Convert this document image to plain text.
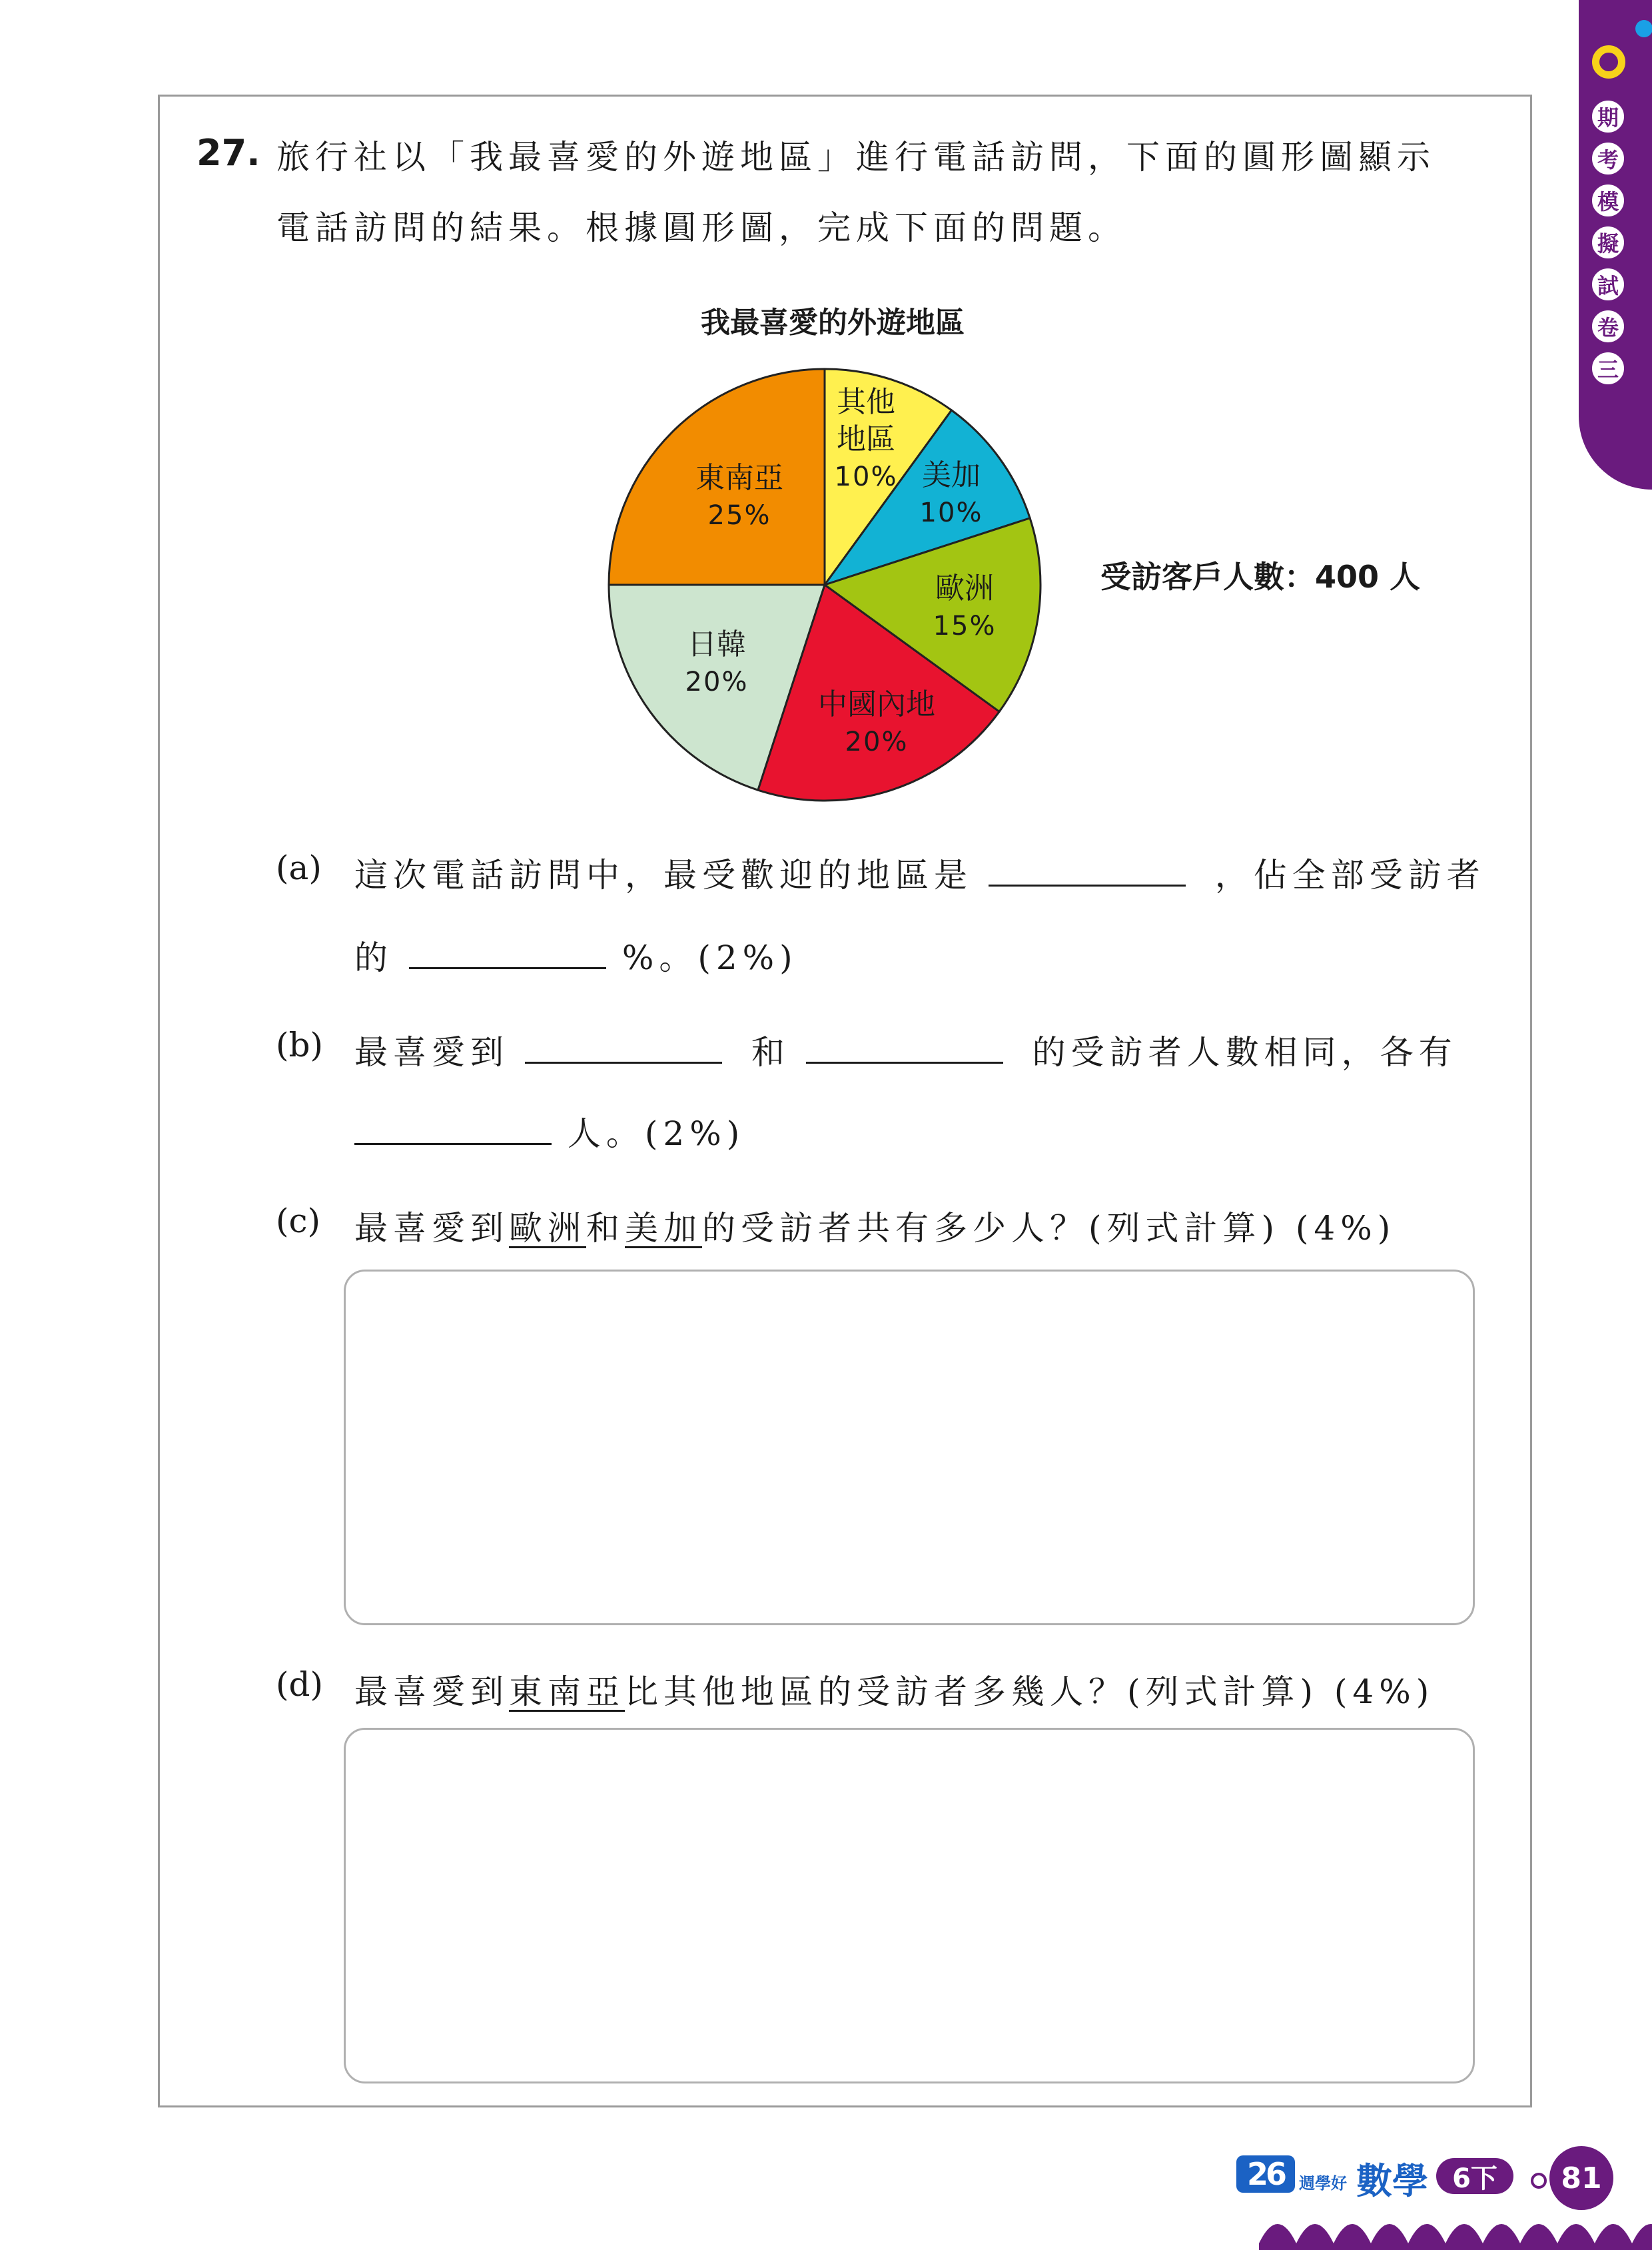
期
考
模
擬
試
卷
三
27. 旅行社以「我最喜愛的外遊地區」進行電話訪問，下面的圓形圖顯示
電話訪問的結果。根據圓形圖，完成下面的問題。
我最喜愛的外遊地區
其他
地區
10% 美加
10%
歐洲
15%
中國內地
20%
日韓
20%
東南亞
25%
受訪客戶人數：400 人
(a) 這次電話訪問中，最受歡迎的地區是	，佔全部受訪者
的	%。(2%)
(b) 最喜愛到	和	的受訪者人數相同，各有
人。(2%)
(c) 最喜愛到歐洲和美加的受訪者共有多少人？(列式計算) (4%)
(d) 最喜愛到東南亞比其他地區的受訪者多幾人？(列式計算) (4%)
26 週學好 數學 6下	81
